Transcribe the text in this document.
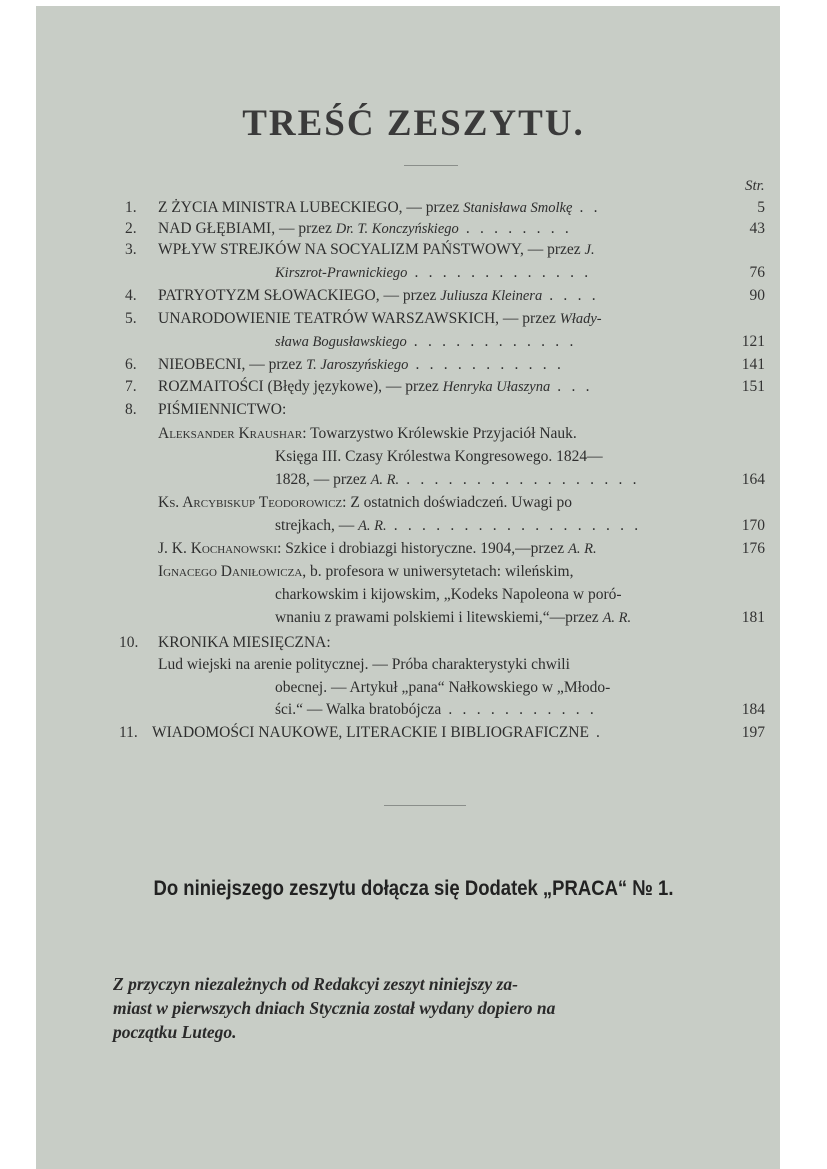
TREŚĆ ZESZYTU.
Str.
1. Z ŻYCIA MINISTRA LUBECKIEGO, — przez Stanisława Smolkę . .	5
2. NAD GŁĘBIAMI, — przez Dr. T. Konczyńskiego . . . . . . . .	43
3. WPŁYW STREJKÓW NA SOCYALIZM PAŃSTWOWY, — przez J.
Kirszrot-Prawnickiego . . . . . . . . . . . . .	76
4. PATRYOTYZM SŁOWACKIEGO, — przez Juliusza Kleinera . . . .	90
5. UNARODOWIENIE TEATRÓW WARSZAWSKICH, — przez Włady-
sława Bogusławskiego . . . . . . . . . . . .	121
6. NIEOBECNI, — przez T. Jaroszyńskiego . . . . . . . . . . .	141
7. ROZMAITOŚCI (Błędy językowe), — przez Henryka Ułaszyna . . .	151
8. PIŚMIENNICTWO:
Aleksander Kraushar: Towarzystwo Królewskie Przyjaciół Nauk.
Księga III. Czasy Królestwa Kongresowego. 1824—
1828, — przez A. R. . . . . . . . . . . . . . . . . .	164
Ks. Arcybiskup Teodorowicz: Z ostatnich doświadczeń. Uwagi po
strejkach, — A. R. . . . . . . . . . . . . . . . . . .	170
J. K. Kochanowski: Szkice i drobiazgi historyczne. 1904,—przez A. R.	176
Ignacego Daniłowicza, b. profesora w uniwersytetach: wileńskim,
charkowskim i kijowskim, „Kodeks Napoleona w poró-
wnaniu z prawami polskiemi i litewskiemi,“—przez A. R.	181
10. KRONIKA MIESIĘCZNA:
Lud wiejski na arenie politycznej. — Próba charakterystyki chwili
obecnej. — Artykuł „pana“ Nałkowskiego w „Młodo-
ści.“ — Walka bratobójcza . . . . . . . . . . .	184
11. WIADOMOŚCI NAUKOWE, LITERACKIE I BIBLIOGRAFICZNE .	197
Do niniejszego zeszytu dołącza się Dodatek „PRACA“ № 1.
Z przyczyn niezależnych od Redakcyi zeszyt niniejszy za-
miast w pierwszych dniach Stycznia został wydany dopiero na
początku Lutego.
